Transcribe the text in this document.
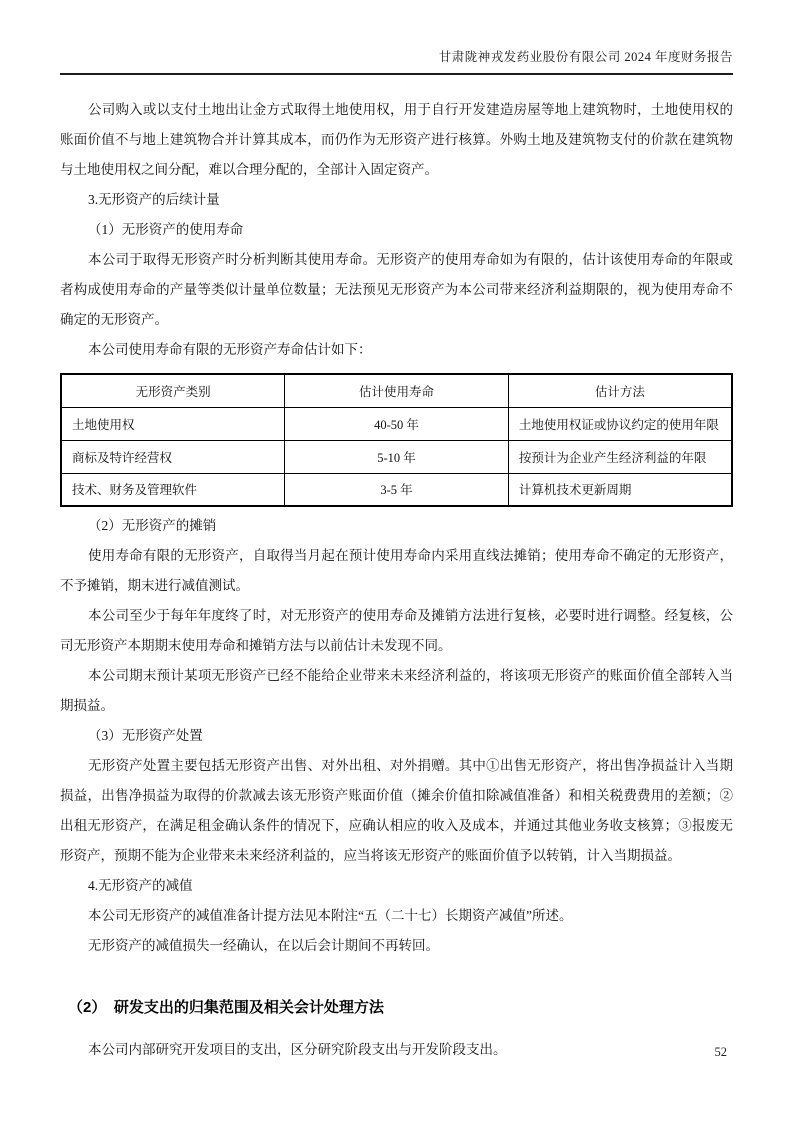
甘肃陇神戎发药业股份有限公司 2024 年度财务报告

公司购入或以支付土地出让金方式取得土地使用权，用于自行开发建造房屋等地上建筑物时，土地使用权的账面价值不与地上建筑物合并计算其成本，而仍作为无形资产进行核算。外购土地及建筑物支付的价款在建筑物与土地使用权之间分配，难以合理分配的，全部计入固定资产。

3.无形资产的后续计量

（1）无形资产的使用寿命

本公司于取得无形资产时分析判断其使用寿命。无形资产的使用寿命如为有限的，估计该使用寿命的年限或者构成使用寿命的产量等类似计量单位数量；无法预见无形资产为本公司带来经济利益期限的，视为使用寿命不确定的无形资产。

本公司使用寿命有限的无形资产寿命估计如下：

无形资产类别	估计使用寿命	估计方法
土地使用权	40-50 年	土地使用权证或协议约定的使用年限
商标及特许经营权	5-10 年	按预计为企业产生经济利益的年限
技术、财务及管理软件	3-5 年	计算机技术更新周期

（2）无形资产的摊销

使用寿命有限的无形资产，自取得当月起在预计使用寿命内采用直线法摊销；使用寿命不确定的无形资产，不予摊销，期末进行减值测试。

本公司至少于每年年度终了时，对无形资产的使用寿命及摊销方法进行复核，必要时进行调整。经复核，公司无形资产本期期末使用寿命和摊销方法与以前估计未发现不同。

本公司期末预计某项无形资产已经不能给企业带来未来经济利益的，将该项无形资产的账面价值全部转入当期损益。

（3）无形资产处置

无形资产处置主要包括无形资产出售、对外出租、对外捐赠。其中①出售无形资产，将出售净损益计入当期损益，出售净损益为取得的价款减去该无形资产账面价值（摊余价值扣除减值准备）和相关税费费用的差额；②出租无形资产，在满足租金确认条件的情况下，应确认相应的收入及成本，并通过其他业务收支核算；③报废无形资产，预期不能为企业带来未来经济利益的，应当将该无形资产的账面价值予以转销，计入当期损益。

4.无形资产的减值

本公司无形资产的减值准备计提方法见本附注“五（二十七）长期资产减值”所述。

无形资产的减值损失一经确认，在以后会计期间不再转回。

（2）　研发支出的归集范围及相关会计处理方法

本公司内部研究开发项目的支出，区分研究阶段支出与开发阶段支出。	52
